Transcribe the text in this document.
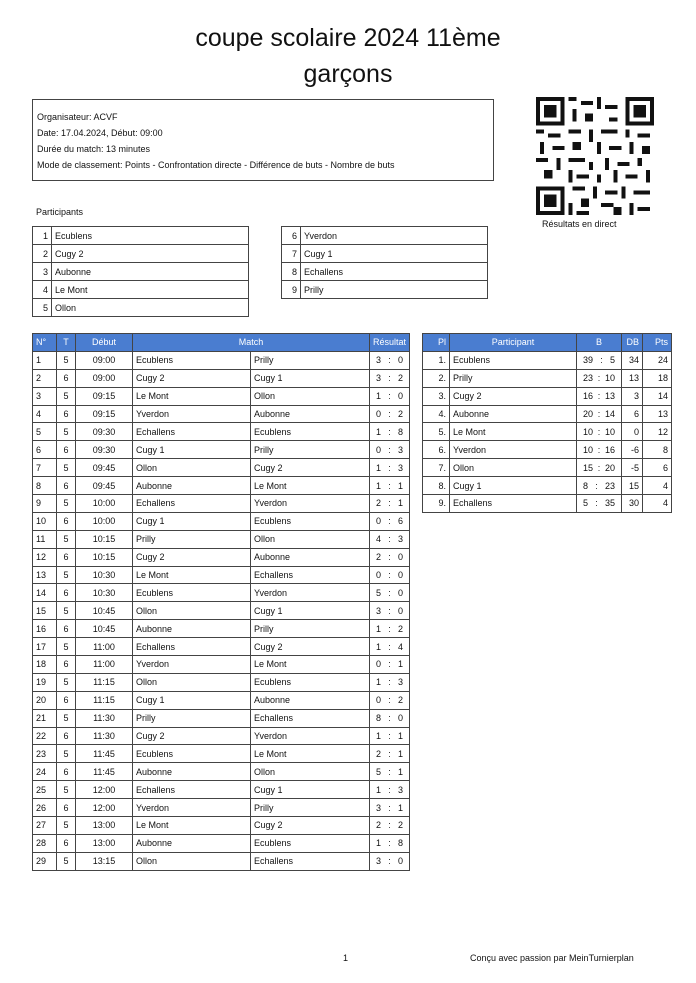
coupe scolaire 2024 11ème
garçons
Organisateur: ACVF
Date: 17.04.2024, Début: 09:00
Durée du match: 13 minutes
Mode de classement: Points - Confrontation directe - Différence de buts - Nombre de buts
Résultats en direct
Participants
1	Ecublens
2	Cugy 2
3	Aubonne
4	Le Mont
5	Ollon
6	Yverdon
7	Cugy 1
8	Echallens
9	Prilly
N°	T	Début	Match		Résultat
1	5	09:00	Ecublens	Prilly	3 : 0

2	6	09:00	Cugy 2	Cugy 1	3 : 2

3	5	09:15	Le Mont	Ollon	1 : 0

4	6	09:15	Yverdon	Aubonne	0 : 2

5	5	09:30	Echallens	Ecublens	1 : 8

6	6	09:30	Cugy 1	Prilly	0 : 3

7	5	09:45	Ollon	Cugy 2	1 : 3

8	6	09:45	Aubonne	Le Mont	1 : 1

9	5	10:00	Echallens	Yverdon	2 : 1

10	6	10:00	Cugy 1	Ecublens	0 : 6

11	5	10:15	Prilly	Ollon	4 : 3

12	6	10:15	Cugy 2	Aubonne	2 : 0

13	5	10:30	Le Mont	Echallens	0 : 0

14	6	10:30	Ecublens	Yverdon	5 : 0

15	5	10:45	Ollon	Cugy 1	3 : 0

16	6	10:45	Aubonne	Prilly	1 : 2

17	5	11:00	Echallens	Cugy 2	1 : 4

18	6	11:00	Yverdon	Le Mont	0 : 1

19	5	11:15	Ollon	Ecublens	1 : 3

20	6	11:15	Cugy 1	Aubonne	0 : 2

21	5	11:30	Prilly	Echallens	8 : 0

22	6	11:30	Cugy 2	Yverdon	1 : 1

23	5	11:45	Ecublens	Le Mont	2 : 1

24	6	11:45	Aubonne	Ollon	5 : 1

25	5	12:00	Echallens	Cugy 1	1 : 3

26	6	12:00	Yverdon	Prilly	3 : 1

27	5	13:00	Le Mont	Cugy 2	2 : 2

28	6	13:00	Aubonne	Ecublens	1 : 8

29	5	13:15	Ollon	Echallens	3 : 0
Pl	Participant	B	DB	Pts
1.	Ecublens	39 : 5	34	24
2.	Prilly	23 : 10	13	18
3.	Cugy 2	16 : 13	3	14
4.	Aubonne	20 : 14	6	13
5.	Le Mont	10 : 10	0	12
6.	Yverdon	10 : 16	-6	8
7.	Ollon	15 : 20	-5	6
8.	Cugy 1	8 : 23	15	4
9.	Echallens	5 : 35	30	4
1	Conçu avec passion par MeinTurnierplan
